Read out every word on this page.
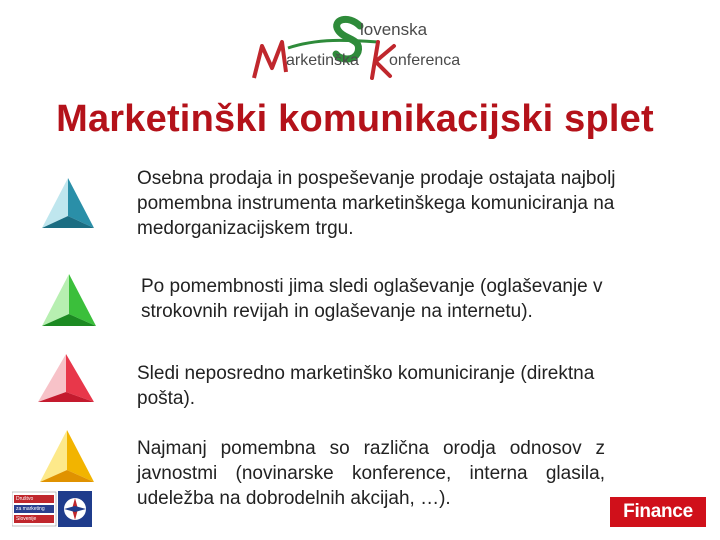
lovenska
arketinška onferenca
Marketinški komunikacijski splet
Osebna prodaja in pospeševanje prodaje ostajata najbolj pomembna instrumenta marketinškega komuniciranja na medorganizacijskem trgu.
Po pomembnosti jima sledi oglaševanje (oglaševanje v strokovnih revijah in oglaševanje na internetu).
Sledi neposredno marketinško komuniciranje (direktna pošta).
Najmanj pomembna so različna orodja odnosov z javnostmi (novinarske konference, interna glasila, udeležba na dobrodelnih akcijah, …).
Društvo
za marketing
Slovenije	Finance
